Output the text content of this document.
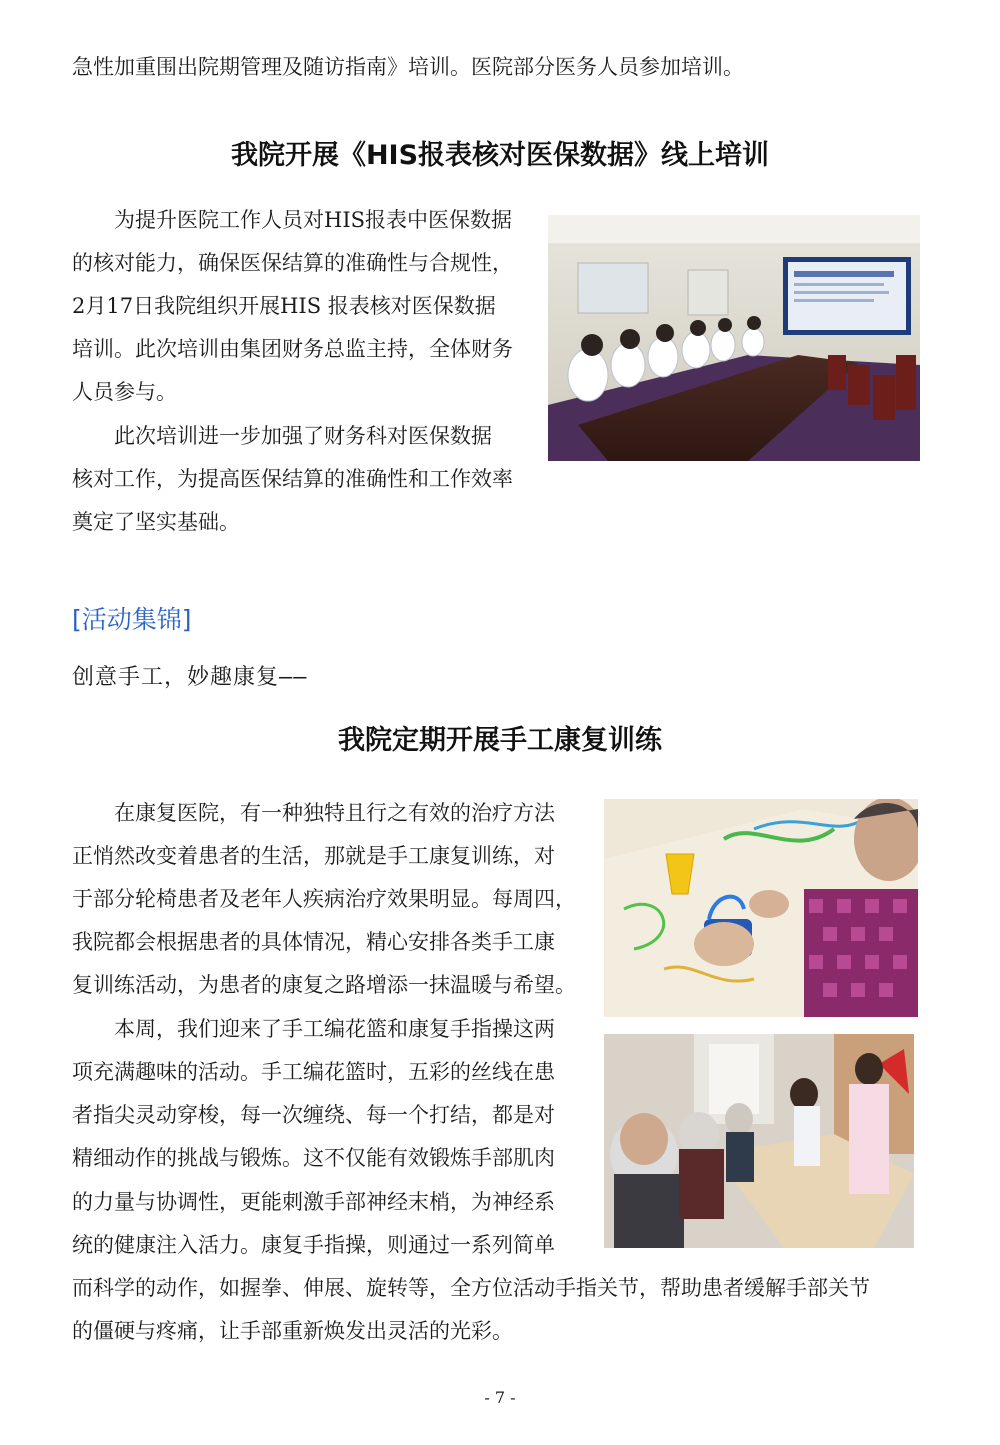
急性加重围出院期管理及随访指南》培训。医院部分医务人员参加培训。
我院开展《HIS报表核对医保数据》线上培训
为提升医院工作人员对HIS报表中医保数据
的核对能力，确保医保结算的准确性与合规性，
2月17日我院组织开展HIS 报表核对医保数据
培训。此次培训由集团财务总监主持，全体财务
人员参与。
此次培训进一步加强了财务科对医保数据
核对工作，为提高医保结算的准确性和工作效率
奠定了坚实基础。
[活动集锦]
创意手工，妙趣康复——
我院定期开展手工康复训练
在康复医院，有一种独特且行之有效的治疗方法
正悄然改变着患者的生活，那就是手工康复训练，对
于部分轮椅患者及老年人疾病治疗效果明显。每周四，
我院都会根据患者的具体情况，精心安排各类手工康
复训练活动，为患者的康复之路增添一抹温暖与希望。
本周，我们迎来了手工编花篮和康复手指操这两
项充满趣味的活动。手工编花篮时，五彩的丝线在患
者指尖灵动穿梭，每一次缠绕、每一个打结，都是对
精细动作的挑战与锻炼。这不仅能有效锻炼手部肌肉
的力量与协调性，更能刺激手部神经末梢，为神经系
统的健康注入活力。康复手指操，则通过一系列简单
而科学的动作，如握拳、伸展、旋转等，全方位活动手指关节，帮助患者缓解手部关节
的僵硬与疼痛，让手部重新焕发出灵活的光彩。
- 7 -
